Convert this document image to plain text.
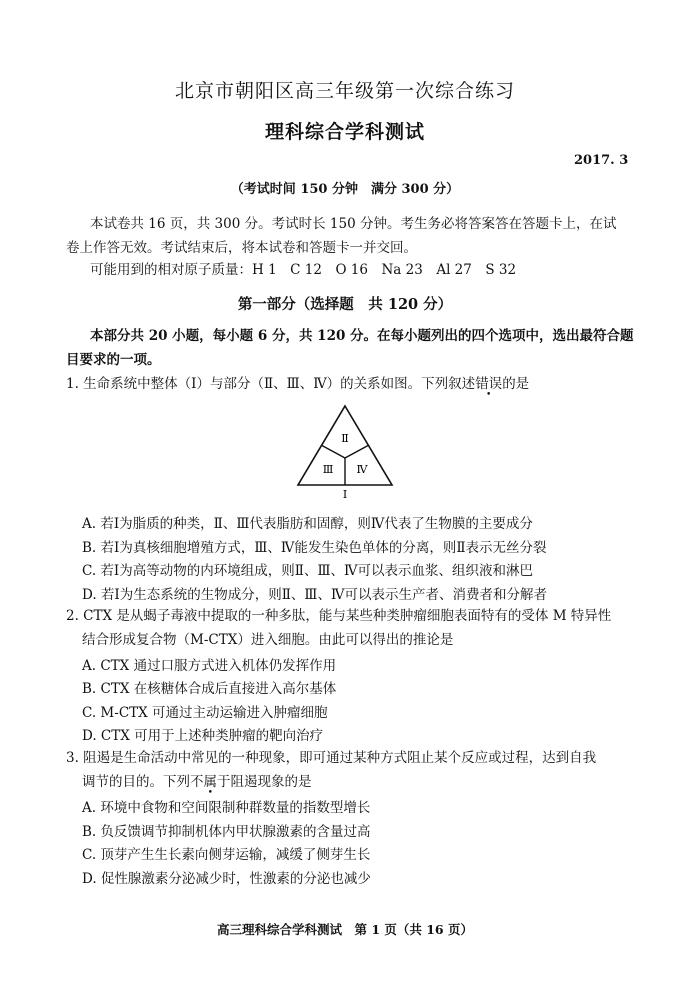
北京市朝阳区高三年级第一次综合练习
理科综合学科测试
2017. 3
（考试时间 150 分钟　满分 300 分）
本试卷共 16 页，共 300 分。考试时长 150 分钟。考生务必将答案答在答题卡上，在试
卷上作答无效。考试结束后，将本试卷和答题卡一并交回。
可能用到的相对原子质量：H 1　C 12　O 16　Na 23　Al 27　S 32
第一部分（选择题　共 120 分）
本部分共 20 小题，每小题 6 分，共 120 分。在每小题列出的四个选项中，选出最符合题
目要求的一项。
1. 生命系统中整体（Ⅰ）与部分（Ⅱ、Ⅲ、Ⅳ）的关系如图。下列叙述错误的是
Ⅱ
Ⅲ Ⅳ
Ⅰ
A. 若Ⅰ为脂质的种类，Ⅱ、Ⅲ代表脂肪和固醇，则Ⅳ代表了生物膜的主要成分
B. 若Ⅰ为真核细胞增殖方式，Ⅲ、Ⅳ能发生染色单体的分离，则Ⅱ表示无丝分裂
C. 若Ⅰ为高等动物的内环境组成，则Ⅱ、Ⅲ、Ⅳ可以表示血浆、组织液和淋巴
D. 若Ⅰ为生态系统的生物成分，则Ⅱ、Ⅲ、Ⅳ可以表示生产者、消费者和分解者
2. CTX 是从蝎子毒液中提取的一种多肽，能与某些种类肿瘤细胞表面特有的受体 M 特异性
结合形成复合物（M-CTX）进入细胞。由此可以得出的推论是
A. CTX 通过口服方式进入机体仍发挥作用
B. CTX 在核糖体合成后直接进入高尔基体
C. M-CTX 可通过主动运输进入肿瘤细胞
D. CTX 可用于上述种类肿瘤的靶向治疗
3. 阻遏是生命活动中常见的一种现象，即可通过某种方式阻止某个反应或过程，达到自我
调节的目的。下列不属于阻遏现象的是
A. 环境中食物和空间限制种群数量的指数型增长
B. 负反馈调节抑制机体内甲状腺激素的含量过高
C. 顶芽产生生长素向侧芽运输，减缓了侧芽生长
D. 促性腺激素分泌减少时，性激素的分泌也减少
高三理科综合学科测试　第 1 页（共 16 页）
